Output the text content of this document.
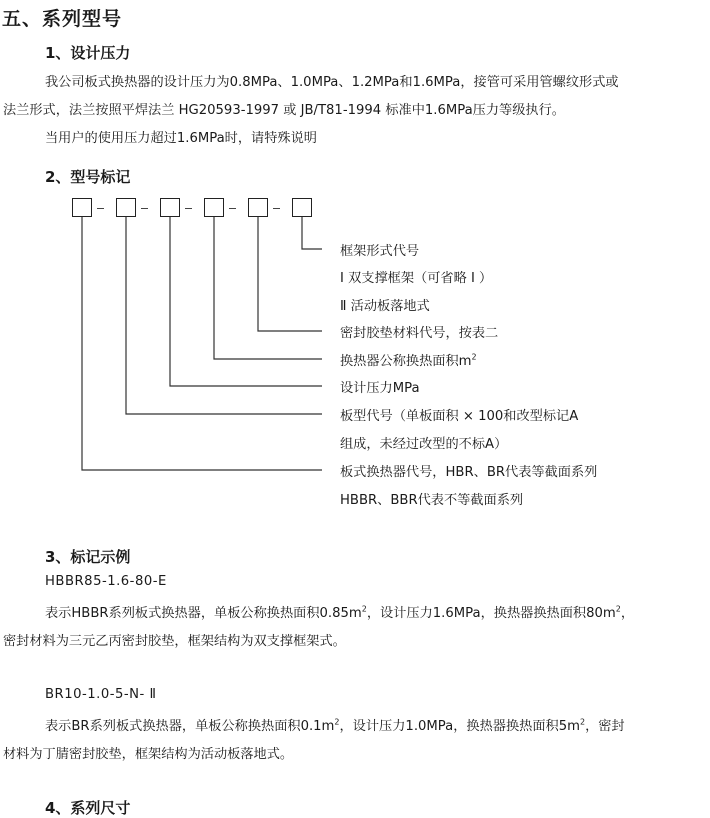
五、系列型号
1、设计压力
我公司板式换热器的设计压力为0.8MPa、1.0MPa、1.2MPa和1.6MPa，接管可采用管螺纹形式或
法兰形式，法兰按照平焊法兰 HG20593-1997 或 JB/T81-1994 标准中1.6MPa压力等级执行。
当用户的使用压力超过1.6MPa时，请特殊说明
2、型号标记
框架形式代号
I 双支撑框架（可省略 I ）
Ⅱ 活动板落地式
密封胶垫材料代号，按表二
换热器公称换热面积$m^2$
设计压力MPa
板型代号（单板面积 × 100和改型标记A
组成，未经过改型的不标A）
板式换热器代号，HBR、BR代表等截面系列
HBBR、BBR代表不等截面系列
3、标记示例
HBBR85-1.6-80-E
表示HBBR系列板式换热器，单板公称换热面积$0.85m^2$，设计压力1.6MPa，换热器换热面积$80m^2$，
密封材料为三元乙丙密封胶垫，框架结构为双支撑框架式。
BR10-1.0-5-N- Ⅱ
表示BR系列板式换热器，单板公称换热面积$0.1m^2$，设计压力1.0MPa，换热器换热面积$5m^2$，密封
材料为丁腈密封胶垫，框架结构为活动板落地式。
4、系列尺寸
